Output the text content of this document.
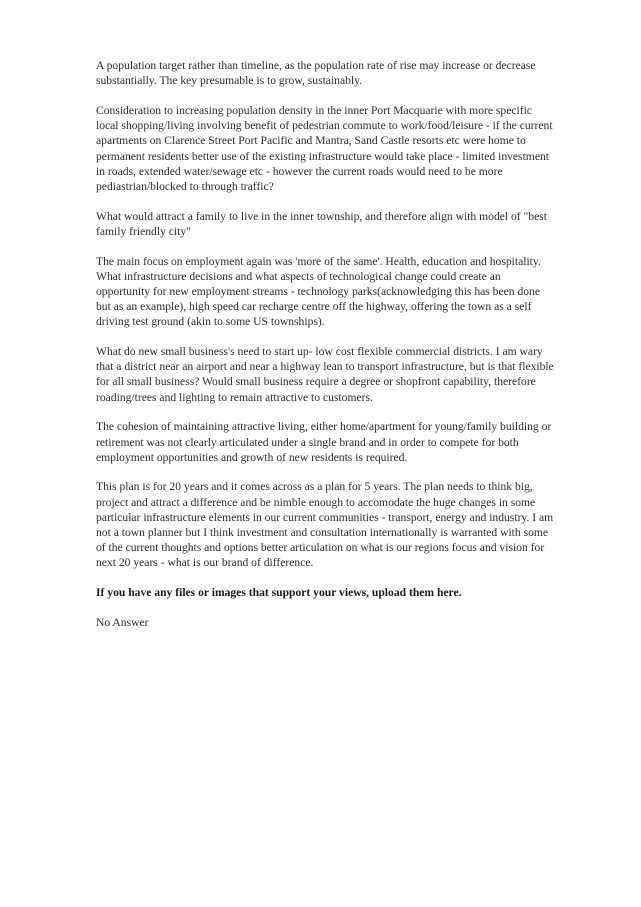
A population target rather than timeline, as the population rate of rise may increase or decrease substantially. The key presumable is to grow, sustainably.

Consideration to increasing population density in the inner Port Macquarie with more specific local shopping/living involving benefit of pedestrian commute to work/food/leisure - if the current apartments on Clarence Street Port Pacific and Mantra, Sand Castle resorts etc were home to permanent residents better use of the existing infrastructure would take place - limited investment in roads, extended water/sewage etc - however the current roads would need to be more pediastrian/blocked to through traffic?

What would attract a family to live in the inner township, and therefore align with model of "best family friendly city"

The main focus on employment again was 'more of the same'. Health, education and hospitality. What infrastructure decisions and what aspects of technological change could create an opportunity for new employment streams - technology parks(acknowledging this has been done but as an example), high speed car recharge centre off the highway, offering the town as a self driving test ground (akin to some US townships).

What do new small business's need to start up- low cost flexible commercial districts. I am wary that a district near an airport and near a highway lean to transport infrastructure, but is that flexible for all small business? Would small business require a degree or shopfront capability, therefore roading/trees and lighting to remain attractive to customers.

The cohesion of maintaining attractive living, either home/apartment for young/family building or retirement was not clearly articulated under a single brand and in order to compete for both employment opportunities and growth of new residents is required.

This plan is for 20 years and it comes across as a plan for 5 years. The plan needs to think big, project and attract a difference and be nimble enough to accomodate the huge changes in some particular infrastructure elements in our current communities - transport, energy and industry. I am not a town planner but I think investment and consultation internationally is warranted with some of the current thoughts and options better articulation on what is our regions focus and vision for next 20 years - what is our brand of difference.

If you have any files or images that support your views, upload them here.

No Answer
